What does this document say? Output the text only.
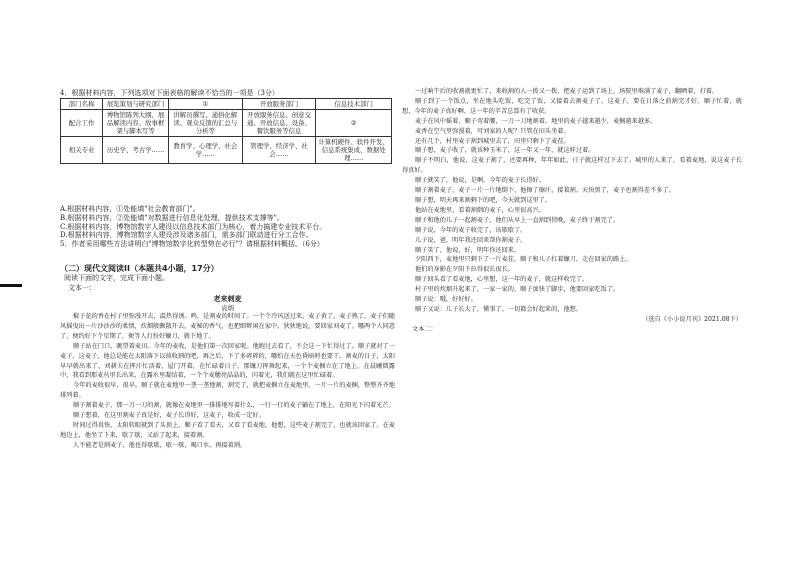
4．根据材料内容，下列选项对下面表格的解读不恰当的一项是（3分）
部门名称	展览策划与研究部门	①	开放服务部门	信息技术部门
配合工作	博物馆陈列大纲、展品解读内容、故事框架与脚本写等	讲解员撰写、通俗化解读、观众反馈的汇总与分析等	开放服务信息、创意交通、开放信息、设备、餐饮服务等信息	②
相关专业	历史学、考古学……	教育学、心理学、社会学……	管理学、经济学、社会……	计算机硬件、软件开发、信息系统集成、数据处理……
A.根据材料内容，①处能填"社会教育部门"。
B.根据材料内容，②处能填"对数据进行信息化处理，提供技术支撑等"。
C.根据材料内容，博物馆数字人建设以信息技术部门为核心，着力搞建专业技术平台。
D.根据材料内容，博物馆数字人建设涉及诸多部门，需多部门联动进行分工合作。
5．作者采用哪些方法讲明白"博物馆数字化转型势在必行"？请根据材料概括。（6分）
（二）现代文阅读II（本题共4小题，17分）
阅读下面的文字，完成下面小题。
文本一：
老来刺麦
袁炳

椒子花的香在村子里弥漫开去，温热得诱。鸣，是割麦的时间了。一个个冷风送过来，麦子黄了，麦子熟了，麦子们随风摇曳出一片沙沙沙的柔情，炊烟般飘散开去。麦秘的香气，也把细辫闲在家中，狄狄地说，要回家刈麦了。哪两个人同意了，便约好下个星期了，便等人打扮好镰刀，就下地了。

顺子站在门口，眺望着麦田。今年的麦收，是他们第一次回家呢。他跑过去看了，不会这一下忙得过了。顺子就对了一麦子，这麦子，他总是能在太阳落下以前收割的吧，再之后，下了多碎碎的，哪怕在天色昏暗时也要干。割麦的日子，太阳早早就出来了，刘耕夫在挥汗忙活着，屋门开着，在忙碌着日子，那镰刀挥舞起来，一个个麦捆立在了地上。在晨曦微露中，我看到那麦丛里长出来，在露水里凝结着，一个个麦穗亮晶晶的，闪着光，我们就在这里忙碌着。

今年的麦收很早，很早。顺子就在麦地里一垄一垄地割，割完了，就把麦捆立在麦地里，一片一片的麦捆，整整齐齐地排列着。

顺子割着麦子，那一刀一刀的割，就像在麦地里一排排地写着什么，一行一行的麦子躺在了地上，在阳光下闪着光芒。

顺子想着，在这里割麦子真是好，麦子长得好，这麦子，收成一定好。

时间过得真快，太阳转眼就到了头顶上，顺子看了看天，又看了看麦地。他想，这些麦子割完了，也就该回家了。在麦地边上，他坐了下来，歇了歇，又站了起来，接着割。

人不能老是割麦子，他也得歇歇，歇一歇，喝口水，再接着割。

一过晌午后的收割就更忙了，来收割的人一拨又一拨，把麦子运到了场上，场院里堆满了麦子，翻晒着，打着。

顺子到了一个饭点，坐在地头吃饭，吃完了饭，又接着去割麦子了。这麦子，要在日落之前割完才好。顺子忙着，就想，今年的麦子真好啊，这一年的辛苦总算有了收获。

麦子在风中摇着，顺子弯着腰，一刀一刀地割着。地里的麦子越来越少，麦捆越来越多。

麦香在空气里弥漫着，可刘家的人呢？只管在田头坐着。

还有几个，村里麦子割到城里去了，田里只剩下了麦茬。

顺子想，麦子收了，就该种玉米了，这一年又一年，就这样过着。

顺子不明白，他说，这麦子割了，还要再种，年年如此，日子就这样过下去了。城里的人来了，看着麦地，说这麦子长得真好。

顺子就笑了，他说，是啊，今年的麦子长得好。

顺子割着麦子，麦子一片一片地倒下，他擦了擦汗，接着割。天快黑了，麦子也割得差不多了。

顺子想，明天再来割剩下的吧，今天就到这里了。

他站在麦地里，看着割倒的麦子，心里很高兴。

顺子和他的儿子一起割麦子，他们从早上一直割到傍晚，麦子终于割完了。

顺子说，今年的麦子收完了，该歇歇了。

儿子说，爸，明年我还回来帮你割麦子。

顺子笑了，他说，好，明年你还回来。

夕阳西下，麦地里只剩下了一片麦茬，顺子和儿子扛着镰刀，走在回家的路上。

他们的身影在夕阳下拉得很长很长。

顺子回头看了看麦地，心里想，这一年的麦子，就这样收完了。

村子里的炊烟升起来了，一家一家的，顺子加快了脚步，他要回家吃饭了。

顺子说：哦，好好好。

顺子又说：儿子长大了，懂事了。一切都会好起来的，他想。

（选自《小小说月刊》2021.08下）

文本二：
